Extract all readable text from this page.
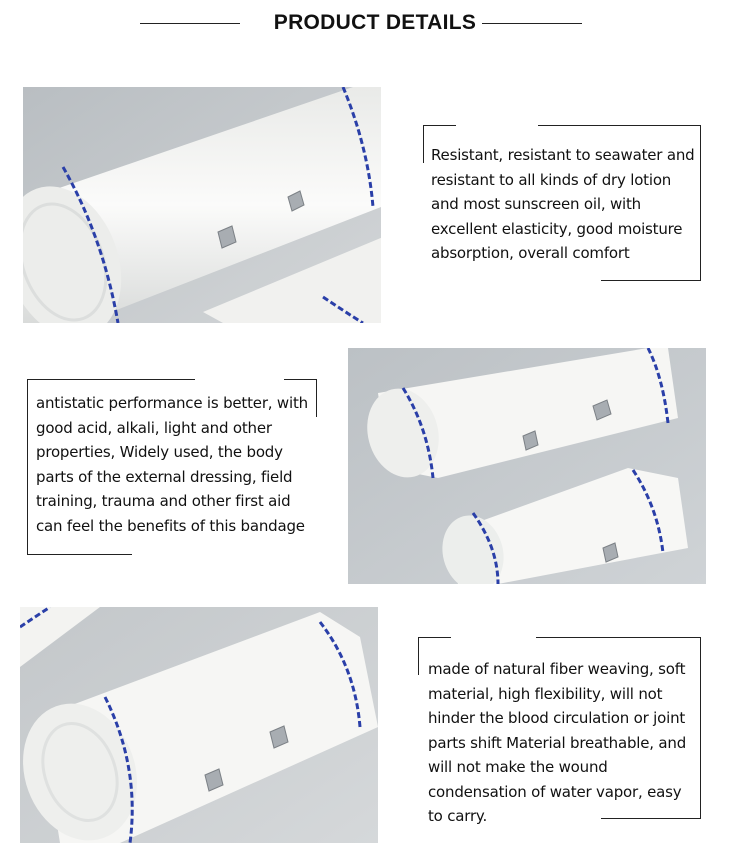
PRODUCT DETAILS
Resistant, resistant to seawater and resistant to all kinds of dry lotion and most sunscreen oil, with excellent elasticity, good moisture absorption, overall comfort
antistatic performance is better, with good acid, alkali, light and other properties, Widely used, the body parts of the external dressing, field training, trauma and other first aid can feel the benefits of this bandage
made of natural fiber weaving, soft material, high flexibility, will not hinder the blood circulation or joint parts shift Material breathable, and will not make the wound condensation of water vapor, easy to carry.
